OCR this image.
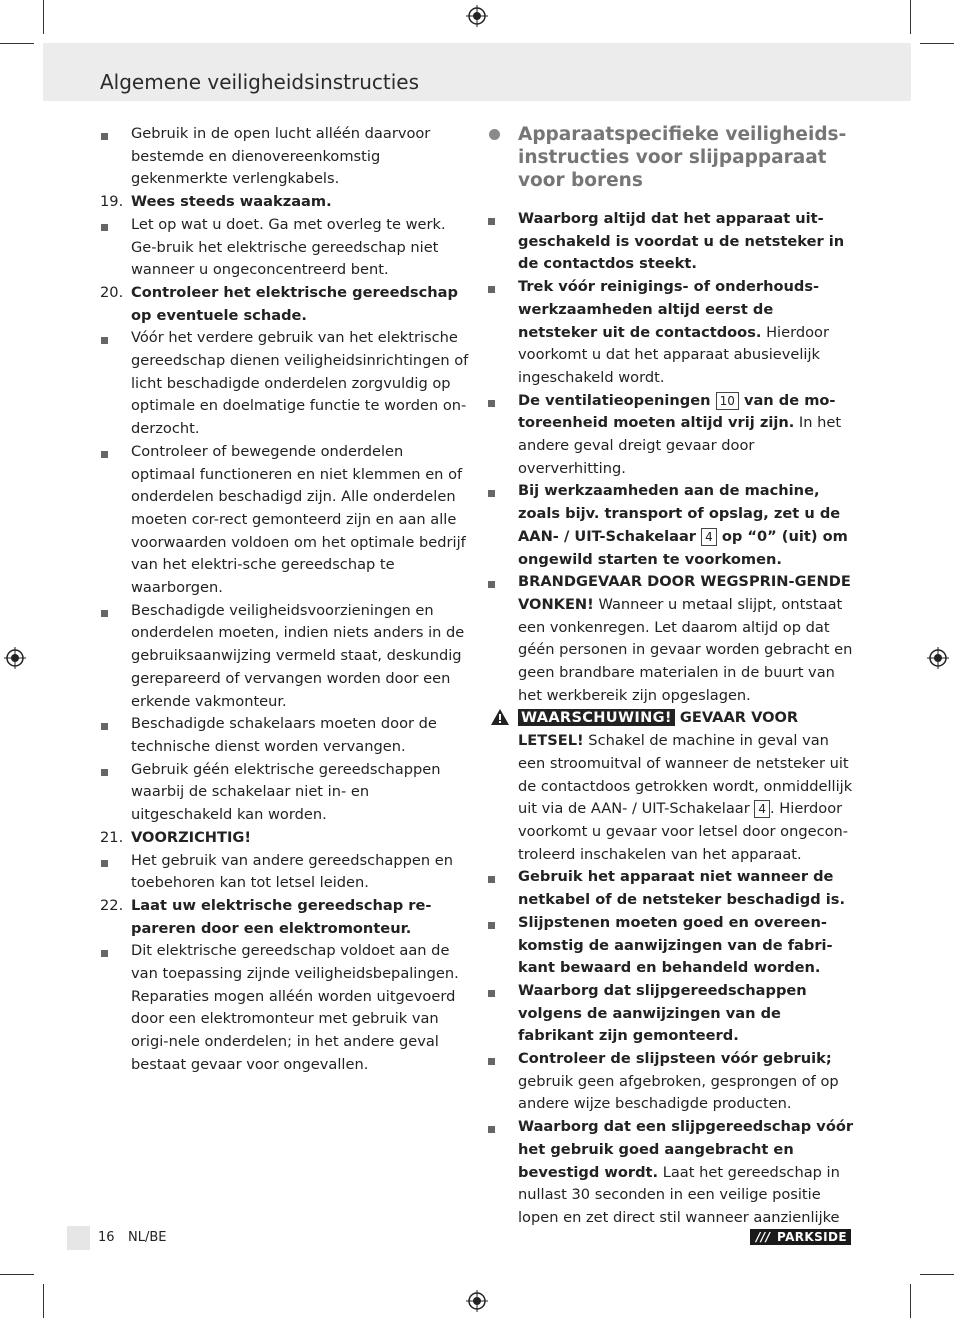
Algemene veiligheidsinstructies
Gebruik in de open lucht alléén daarvoor bestemde en dienovereenkomstig gekenmerkte verlengkabels.
19. Wees steeds waakzaam.
Let op wat u doet. Ga met overleg te werk. Ge-bruik het elektrische gereedschap niet wanneer u ongeconcentreerd bent.
20. Controleer het elektrische gereedschap op eventuele schade.
Vóór het verdere gebruik van het elektrische gereedschap dienen veiligheidsinrichtingen of licht beschadigde onderdelen zorgvuldig op optimale en doelmatige functie te worden on-derzocht.
Controleer of bewegende onderdelen optimaal functioneren en niet klemmen en of onderdelen beschadigd zijn. Alle onderdelen moeten cor-rect gemonteerd zijn en aan alle voorwaarden voldoen om het optimale bedrijf van het elektri-sche gereedschap te waarborgen.
Beschadigde veiligheidsvoorzieningen en onderdelen moeten, indien niets anders in de gebruiksaanwijzing vermeld staat, deskundig gerepareerd of vervangen worden door een erkende vakmonteur.
Beschadigde schakelaars moeten door de technische dienst worden vervangen.
Gebruik géén elektrische gereedschappen waarbij de schakelaar niet in- en uitgeschakeld kan worden.
21. VOORZICHTIG!
Het gebruik van andere gereedschappen en toebehoren kan tot letsel leiden.
22. Laat uw elektrische gereedschap re-pareren door een elektromonteur.
Dit elektrische gereedschap voldoet aan de van toepassing zijnde veiligheidsbepalingen. Reparaties mogen alléén worden uitgevoerd door een elektromonteur met gebruik van origi-nele onderdelen; in het andere geval bestaat gevaar voor ongevallen.
Apparaatspecifieke veiligheids-instructies voor slijpapparaat voor borens
Waarborg altijd dat het apparaat uit-geschakeld is voordat u de netsteker in de contactdos steekt.
Trek vóór reinigings- of onderhouds-werkzaamheden altijd eerst de netsteker uit de contactdoos. Hierdoor voorkomt u dat het apparaat abusievelijk ingeschakeld wordt.
De ventilatieopeningen 10 van de mo-toreenheid moeten altijd vrij zijn. In het andere geval dreigt gevaar door oververhitting.
Bij werkzaamheden aan de machine, zoals bijv. transport of opslag, zet u de AAN- / UIT-Schakelaar 4 op “0” (uit) om ongewild starten te voorkomen.
BRANDGEVAAR DOOR WEGSPRIN-GENDE VONKEN! Wanneer u metaal slijpt, ontstaat een vonkenregen. Let daarom altijd op dat géén personen in gevaar worden gebracht en geen brandbare materialen in de buurt van het werkbereik zijn opgeslagen.
WAARSCHUWING! GEVAAR VOOR LETSEL! Schakel de machine in geval van een stroomuitval of wanneer de netsteker uit de contactdoos getrokken wordt, onmiddellijk uit via de AAN- / UIT-Schakelaar 4 . Hierdoor voorkomt u gevaar voor letsel door ongecon-troleerd inschakelen van het apparaat.
Gebruik het apparaat niet wanneer de netkabel of de netsteker beschadigd is.
Slijpstenen moeten goed en overeen-komstig de aanwijzingen van de fabri-kant bewaard en behandeld worden.
Waarborg dat slijpgereedschappen volgens de aanwijzingen van de fabrikant zijn gemonteerd.
Controleer de slijpsteen vóór gebruik; gebruik geen afgebroken, gesprongen of op andere wijze beschadigde producten.
Waarborg dat een slijpgereedschap vóór het gebruik goed aangebracht en bevestigd wordt. Laat het gereedschap in nullast 30 seconden in een veilige positie lopen en zet direct stil wanneer aanzienlijke
16 NL/BE	/// PARKSIDE
